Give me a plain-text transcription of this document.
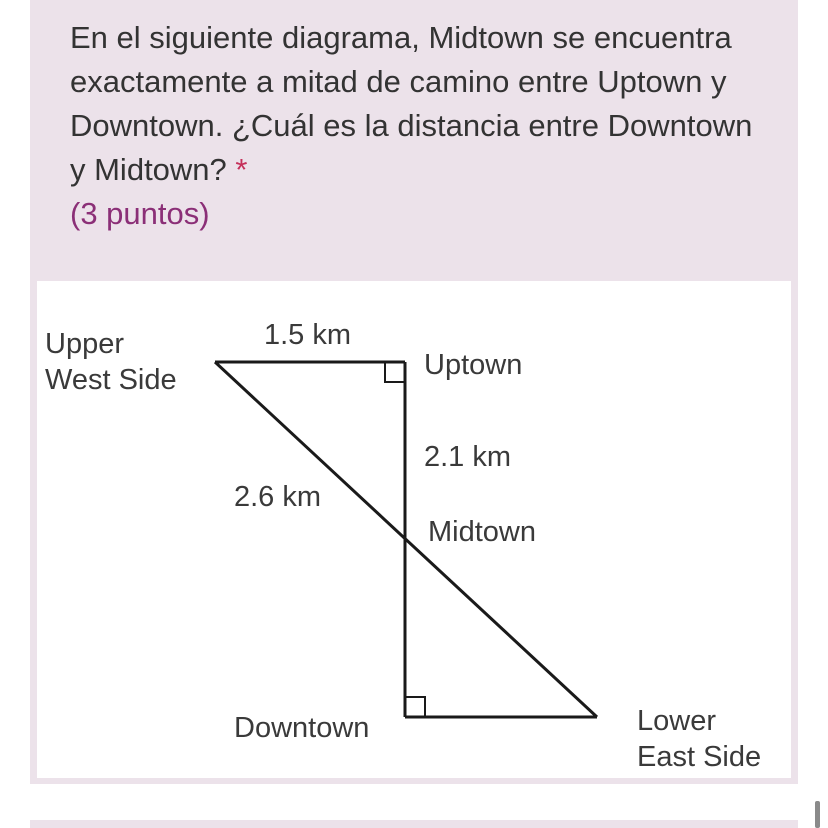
En el siguiente diagrama, Midtown se encuentra exactamente a mitad de camino entre Uptown y Downtown. ¿Cuál es la distancia entre Downtown y Midtown? *
(3 puntos)
Upper
West Side
1.5 km
Uptown
2.1 km
2.6 km
Midtown
Downtown	Lower
East Side
